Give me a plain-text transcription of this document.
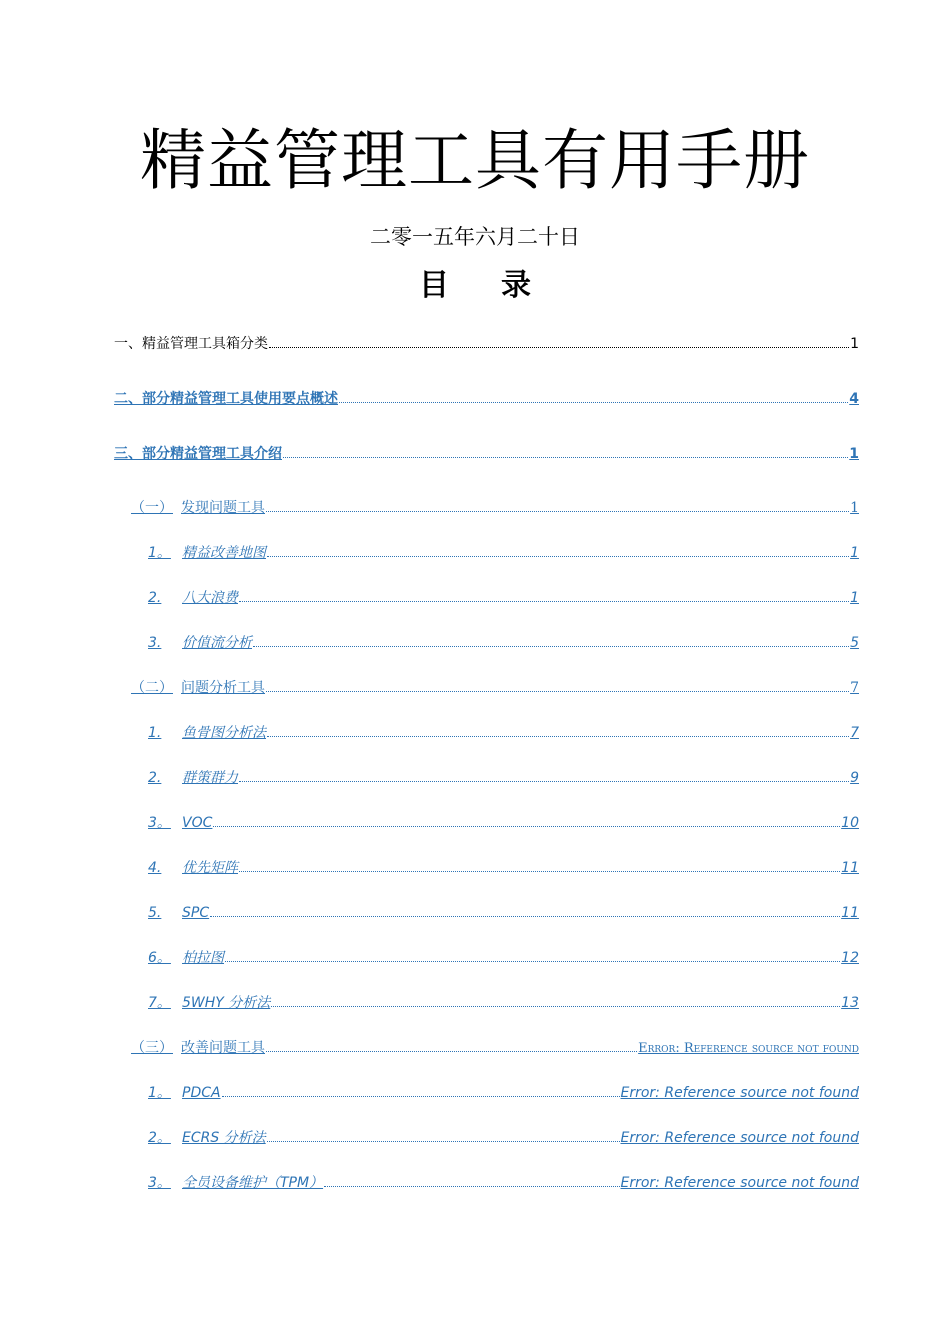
精益管理工具有用手册
二零一五年六月二十日
目 录
一、精益管理工具箱分类	1
二、部分精益管理工具使用要点概述	4
三、部分精益管理工具介绍	1
（一） 发现问题工具	1
1。 精益改善地图	1
2.	八大浪费	1
3.	价值流分析	5
（二） 问题分析工具	7
1.	鱼骨图分析法	7
2.	群策群力	9
3。 VOC	10
4.	优先矩阵	11
5.	SPC	11
6。 柏拉图	12
7。 5WHY 分析法	13
（三） 改善问题工具	Error: Reference source not found
1。 PDCA	Error: Reference source not found
2。 ECRS 分析法	Error: Reference source not found
3。 全员设备维护（TPM）	Error: Reference source not found
